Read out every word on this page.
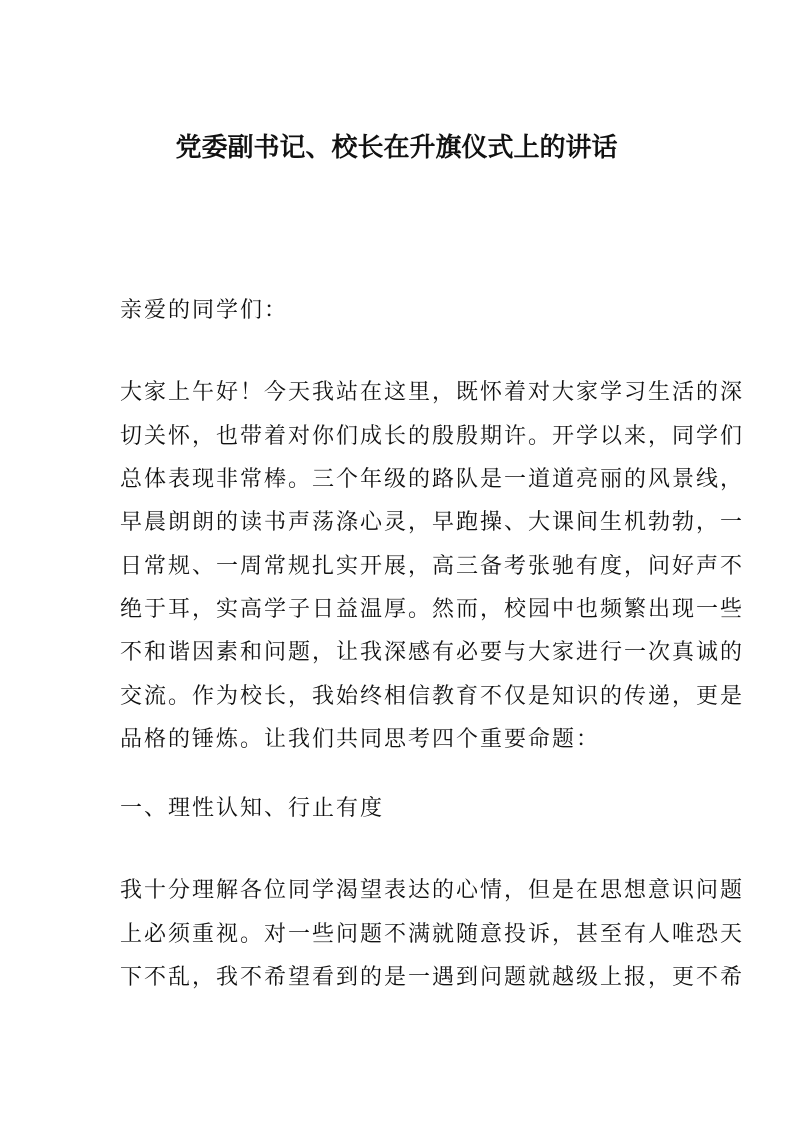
党委副书记、校长在升旗仪式上的讲话
亲爱的同学们：
大家上午好！今天我站在这里，既怀着对大家学习生活的深
切关怀，也带着对你们成长的殷殷期许。开学以来，同学们
总体表现非常棒。三个年级的路队是一道道亮丽的风景线，
早晨朗朗的读书声荡涤心灵，早跑操、大课间生机勃勃，一
日常规、一周常规扎实开展，高三备考张驰有度，问好声不
绝于耳，实高学子日益温厚。然而，校园中也频繁出现一些
不和谐因素和问题，让我深感有必要与大家进行一次真诚的
交流。作为校长，我始终相信教育不仅是知识的传递，更是
品格的锤炼。让我们共同思考四个重要命题：
一、理性认知、行止有度
我十分理解各位同学渴望表达的心情，但是在思想意识问题
上必须重视。对一些问题不满就随意投诉，甚至有人唯恐天
下不乱，我不希望看到的是一遇到问题就越级上报，更不希
